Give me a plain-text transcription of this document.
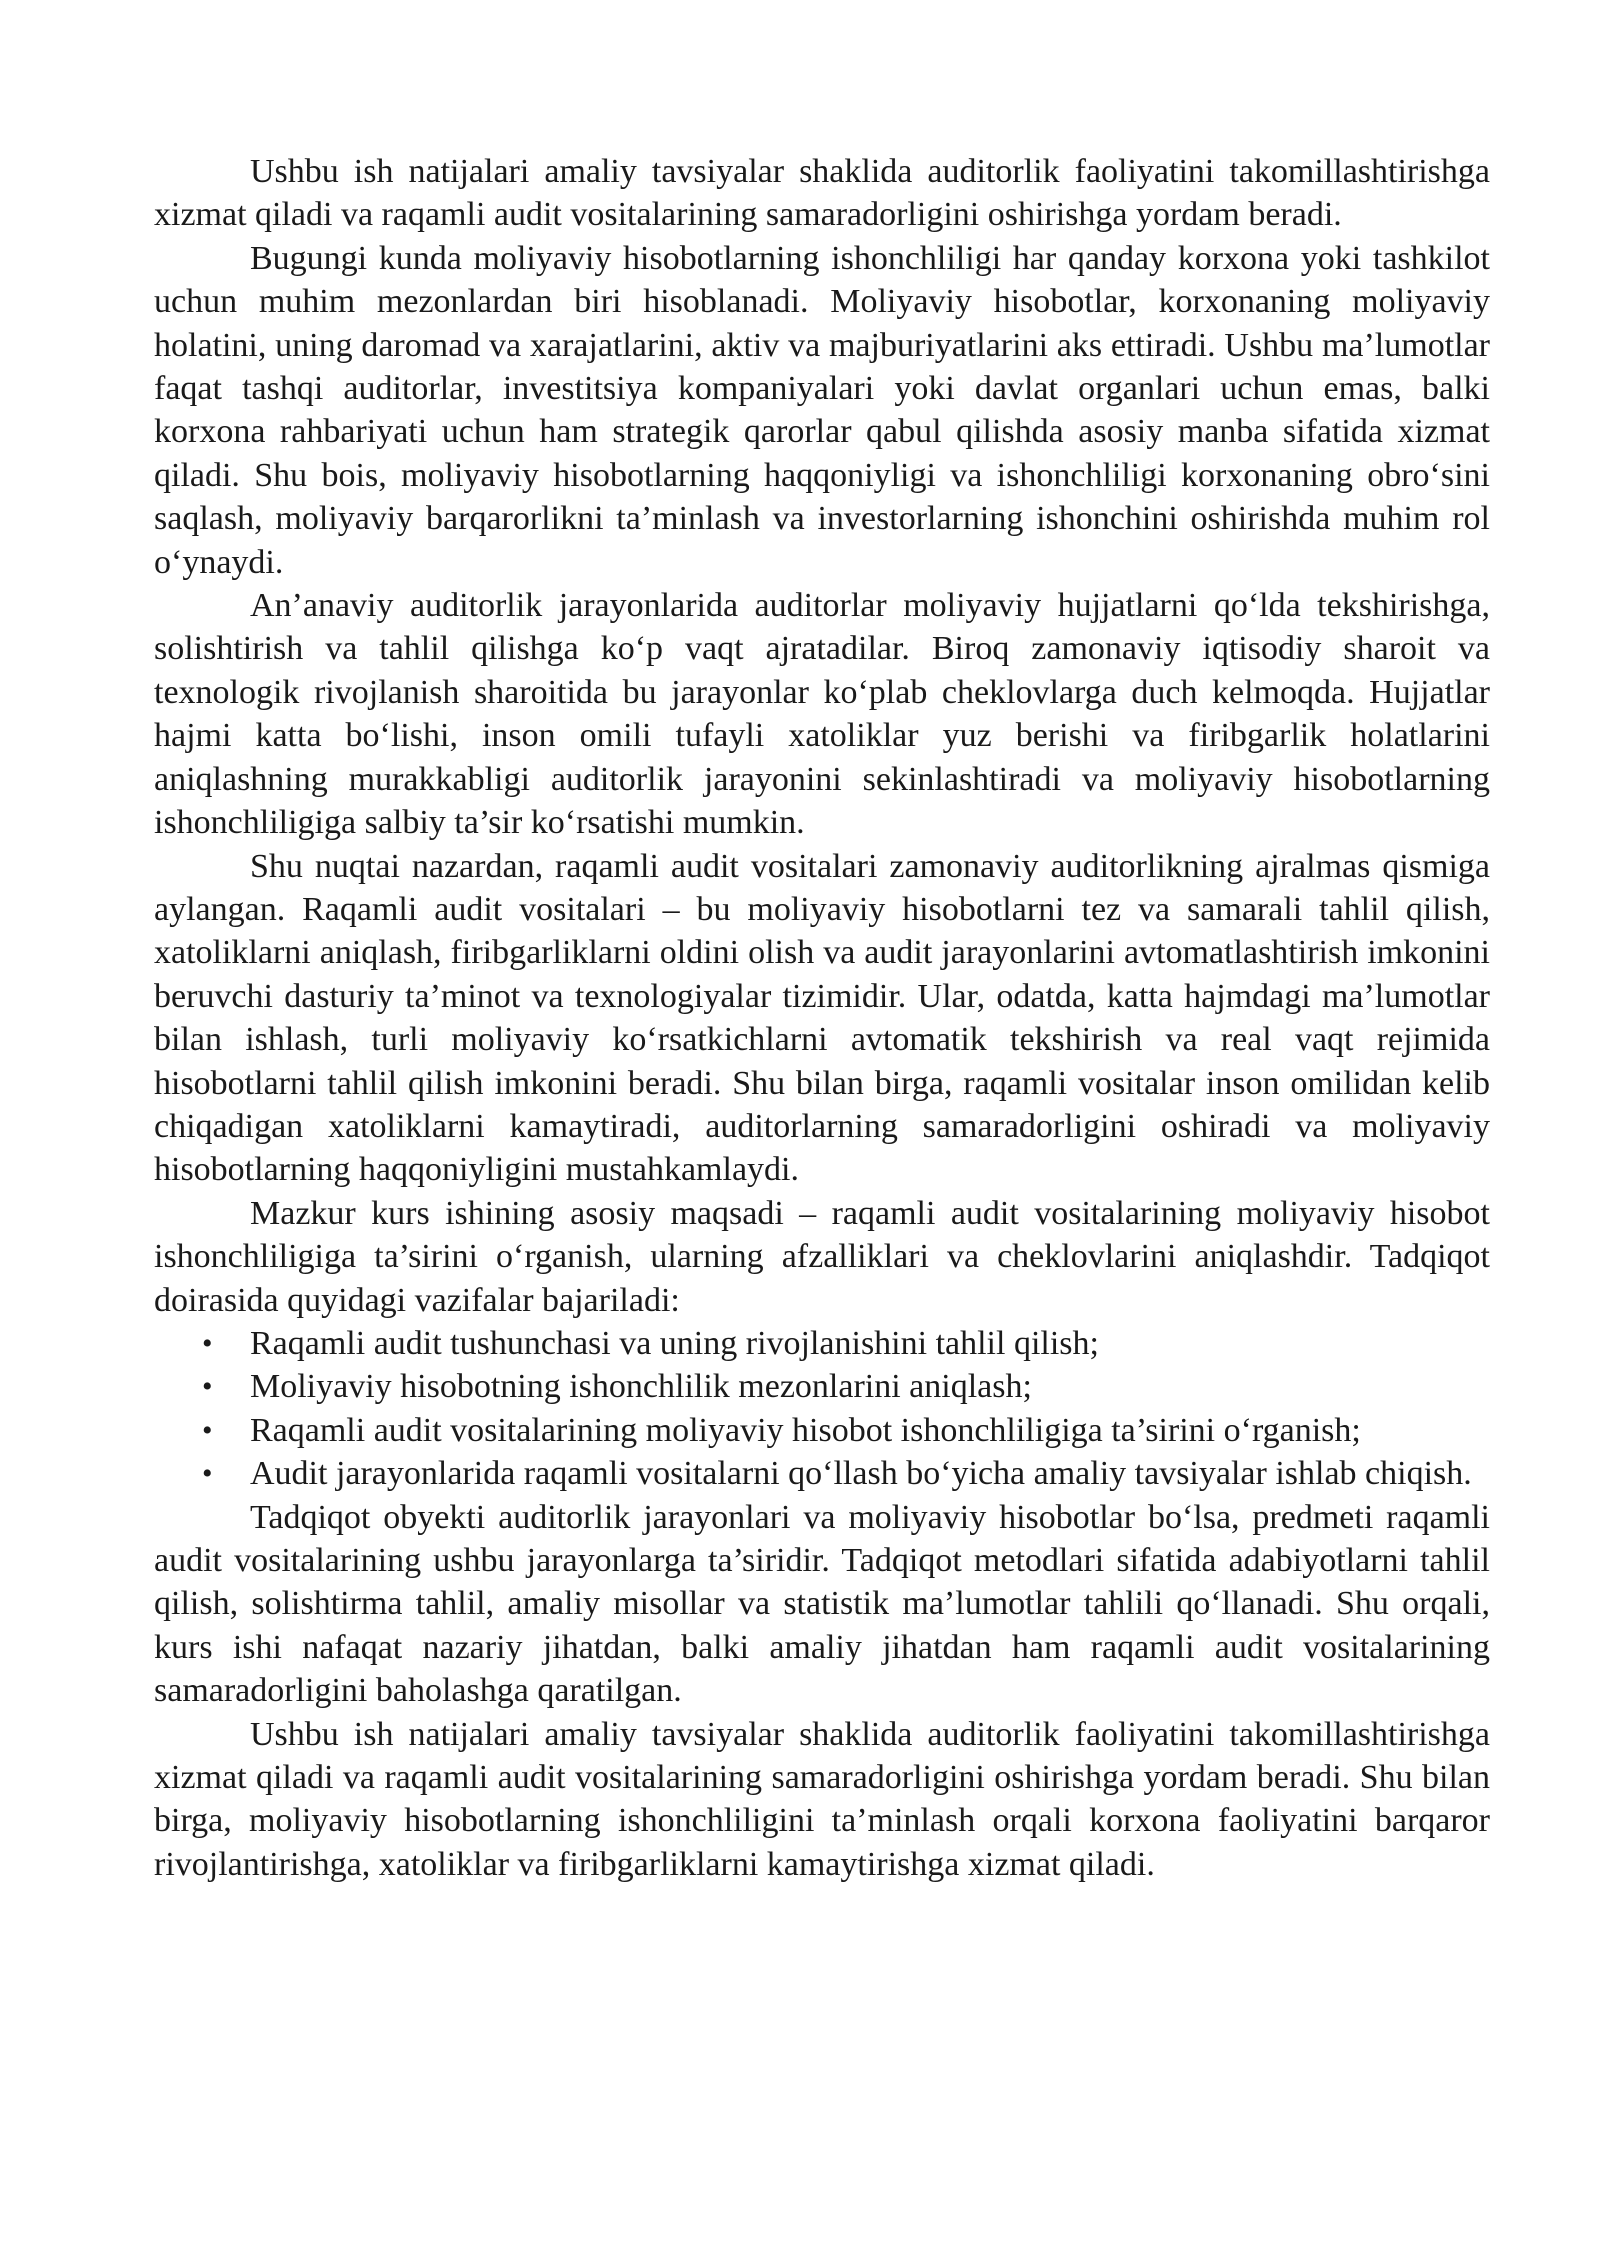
Ushbu ish natijalari amaliy tavsiyalar shaklida auditorlik faoliyatini takomillashtirishga xizmat qiladi va raqamli audit vositalarining samaradorligini oshirishga yordam beradi.

Bugungi kunda moliyaviy hisobotlarning ishonchliligi har qanday korxona yoki tashkilot uchun muhim mezonlardan biri hisoblanadi. Moliyaviy hisobotlar, korxonaning moliyaviy holatini, uning daromad va xarajatlarini, aktiv va majburiyatlarini aks ettiradi. Ushbu ma’lumotlar faqat tashqi auditorlar, investitsiya kompaniyalari yoki davlat organlari uchun emas, balki korxona rahbariyati uchun ham strategik qarorlar qabul qilishda asosiy manba sifatida xizmat qiladi. Shu bois, moliyaviy hisobotlarning haqqoniyligi va ishonchliligi korxonaning obro‘sini saqlash, moliyaviy barqarorlikni ta’minlash va investorlarning ishonchini oshirishda muhim rol o‘ynaydi.

An’anaviy auditorlik jarayonlarida auditorlar moliyaviy hujjatlarni qo‘lda tekshirishga, solishtirish va tahlil qilishga ko‘p vaqt ajratadilar. Biroq zamonaviy iqtisodiy sharoit va texnologik rivojlanish sharoitida bu jarayonlar ko‘plab cheklovlarga duch kelmoqda. Hujjatlar hajmi katta bo‘lishi, inson omili tufayli xatoliklar yuz berishi va firibgarlik holatlarini aniqlashning murakkabligi auditorlik jarayonini sekinlashtiradi va moliyaviy hisobotlarning ishonchliligiga salbiy ta’sir ko‘rsatishi mumkin.

Shu nuqtai nazardan, raqamli audit vositalari zamonaviy auditorlikning ajralmas qismiga aylangan. Raqamli audit vositalari – bu moliyaviy hisobotlarni tez va samarali tahlil qilish, xatoliklarni aniqlash, firibgarliklarni oldini olish va audit jarayonlarini avtomatlashtirish imkonini beruvchi dasturiy ta’minot va texnologiyalar tizimidir. Ular, odatda, katta hajmdagi ma’lumotlar bilan ishlash, turli moliyaviy ko‘rsatkichlarni avtomatik tekshirish va real vaqt rejimida hisobotlarni tahlil qilish imkonini beradi. Shu bilan birga, raqamli vositalar inson omilidan kelib chiqadigan xatoliklarni kamaytiradi, auditorlarning samaradorligini oshiradi va moliyaviy hisobotlarning haqqoniyligini mustahkamlaydi.

Mazkur kurs ishining asosiy maqsadi – raqamli audit vositalarining moliyaviy hisobot ishonchliligiga ta’sirini o‘rganish, ularning afzalliklari va cheklovlarini aniqlashdir. Tadqiqot doirasida quyidagi vazifalar bajariladi:

• Raqamli audit tushunchasi va uning rivojlanishini tahlil qilish;
• Moliyaviy hisobotning ishonchlilik mezonlarini aniqlash;
• Raqamli audit vositalarining moliyaviy hisobot ishonchliligiga ta’sirini o‘rganish;
• Audit jarayonlarida raqamli vositalarni qo‘llash bo‘yicha amaliy tavsiyalar ishlab chiqish.

Tadqiqot obyekti auditorlik jarayonlari va moliyaviy hisobotlar bo‘lsa, predmeti raqamli audit vositalarining ushbu jarayonlarga ta’siridir. Tadqiqot metodlari sifatida adabiyotlarni tahlil qilish, solishtirma tahlil, amaliy misollar va statistik ma’lumotlar tahlili qo‘llanadi. Shu orqali, kurs ishi nafaqat nazariy jihatdan, balki amaliy jihatdan ham raqamli audit vositalarining samaradorligini baholashga qaratilgan.

Ushbu ish natijalari amaliy tavsiyalar shaklida auditorlik faoliyatini takomillashtirishga xizmat qiladi va raqamli audit vositalarining samaradorligini oshirishga yordam beradi. Shu bilan birga, moliyaviy hisobotlarning ishonchliligini ta’minlash orqali korxona faoliyatini barqaror rivojlantirishga, xatoliklar va firibgarliklarni kamaytirishga xizmat qiladi.
